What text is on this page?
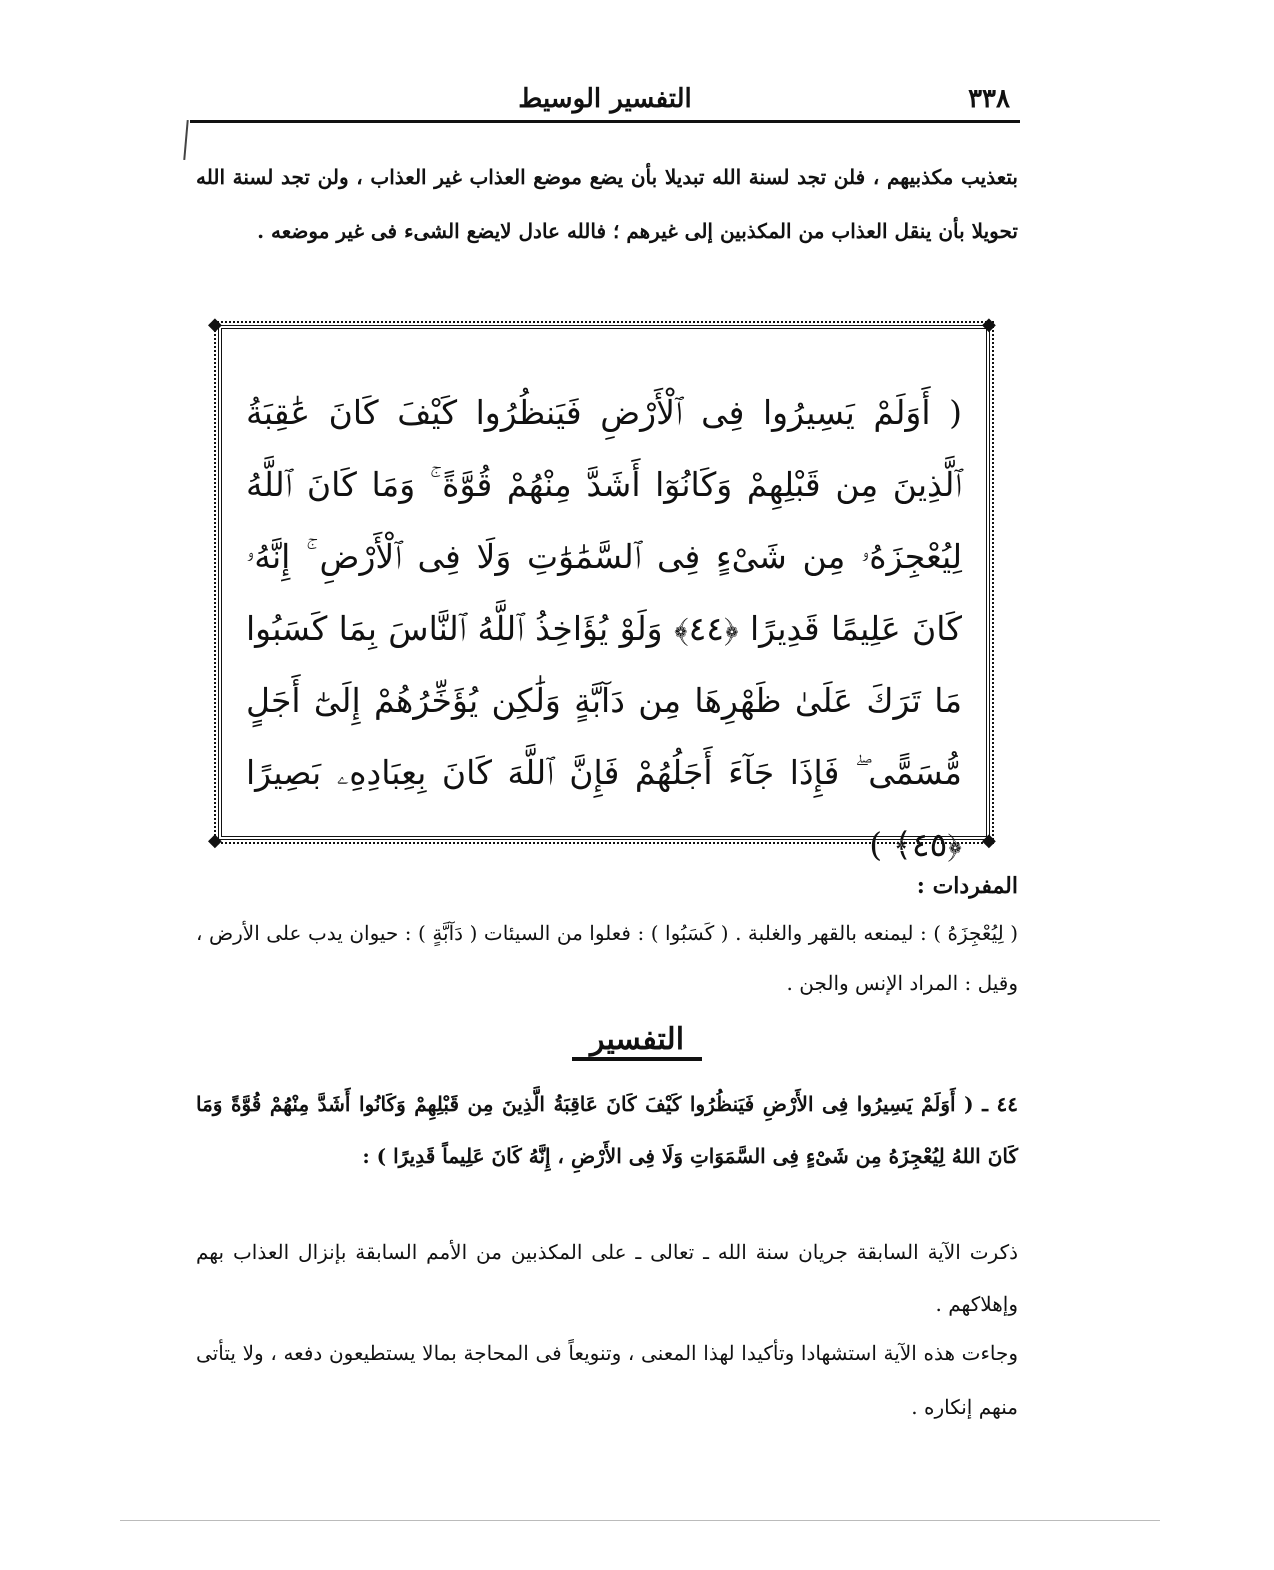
التفسير الوسيط	٣٣٨

بتعذيب مكذبيهم ، فلن تجد لسنة الله تبديلا بأن يضع موضع العذاب غير العذاب ، ولن تجد لسنة الله تحويلا بأن ينقل العذاب من المكذبين إلى غيرهم ؛ فالله عادل لايضع الشىء فى غير موضعه .

◆	◆
◆	◆

( أَوَلَمْ يَسِيرُوا فِى ٱلْأَرْضِ فَيَنظُرُوا كَيْفَ كَانَ عَٰقِبَةُ ٱلَّذِينَ مِن قَبْلِهِمْ وَكَانُوٓا أَشَدَّ مِنْهُمْ قُوَّةً ۚ وَمَا كَانَ ٱللَّهُ لِيُعْجِزَهُۥ مِن شَىْءٍ فِى ٱلسَّمَٰوَٰتِ وَلَا فِى ٱلْأَرْضِ ۚ إِنَّهُۥ كَانَ عَلِيمًا قَدِيرًا ﴿٤٤﴾ وَلَوْ يُؤَاخِذُ ٱللَّهُ ٱلنَّاسَ بِمَا كَسَبُوا مَا تَرَكَ عَلَىٰ ظَهْرِهَا مِن دَآبَّةٍ وَلَٰكِن يُؤَخِّرُهُمْ إِلَىٰٓ أَجَلٍ مُّسَمًّى ۖ فَإِذَا جَآءَ أَجَلُهُمْ فَإِنَّ ٱللَّهَ كَانَ بِعِبَادِهِۦ بَصِيرًا ﴿٤٥﴾ )

المفردات :

( لِيُعْجِزَهُ ) : ليمنعه بالقهر والغلبة . ( كَسَبُوا ) : فعلوا من السيئات ( دَآبَّةٍ ) : حيوان يدب على الأرض ، وقيل : المراد الإنس والجن .

التفسير

٤٤ ـ ( أَوَلَمْ يَسِيرُوا فِى الأَرْضِ فَيَنظُرُوا كَيْفَ كَانَ عَاقِبَةُ الَّذِينَ مِن قَبْلِهِمْ وَكَانُوا أَشَدَّ مِنْهُمْ قُوَّةً وَمَا كَانَ اللهُ لِيُعْجِزَهُ مِن شَىْءٍ فِى السَّمَوَاتِ وَلَا فِى الأَرْضِ ، إِنَّهُ كَانَ عَلِيماً قَدِيرًا ) :

ذكرت الآية السابقة جريان سنة الله ـ تعالى ـ على المكذبين من الأمم السابقة بإنزال العذاب بهم وإهلاكهم .

وجاءت هذه الآية استشهادا وتأكيدا لهذا المعنى ، وتنويعاً فى المحاجة بمالا يستطيعون دفعه ، ولا يتأتى منهم إنكاره .
